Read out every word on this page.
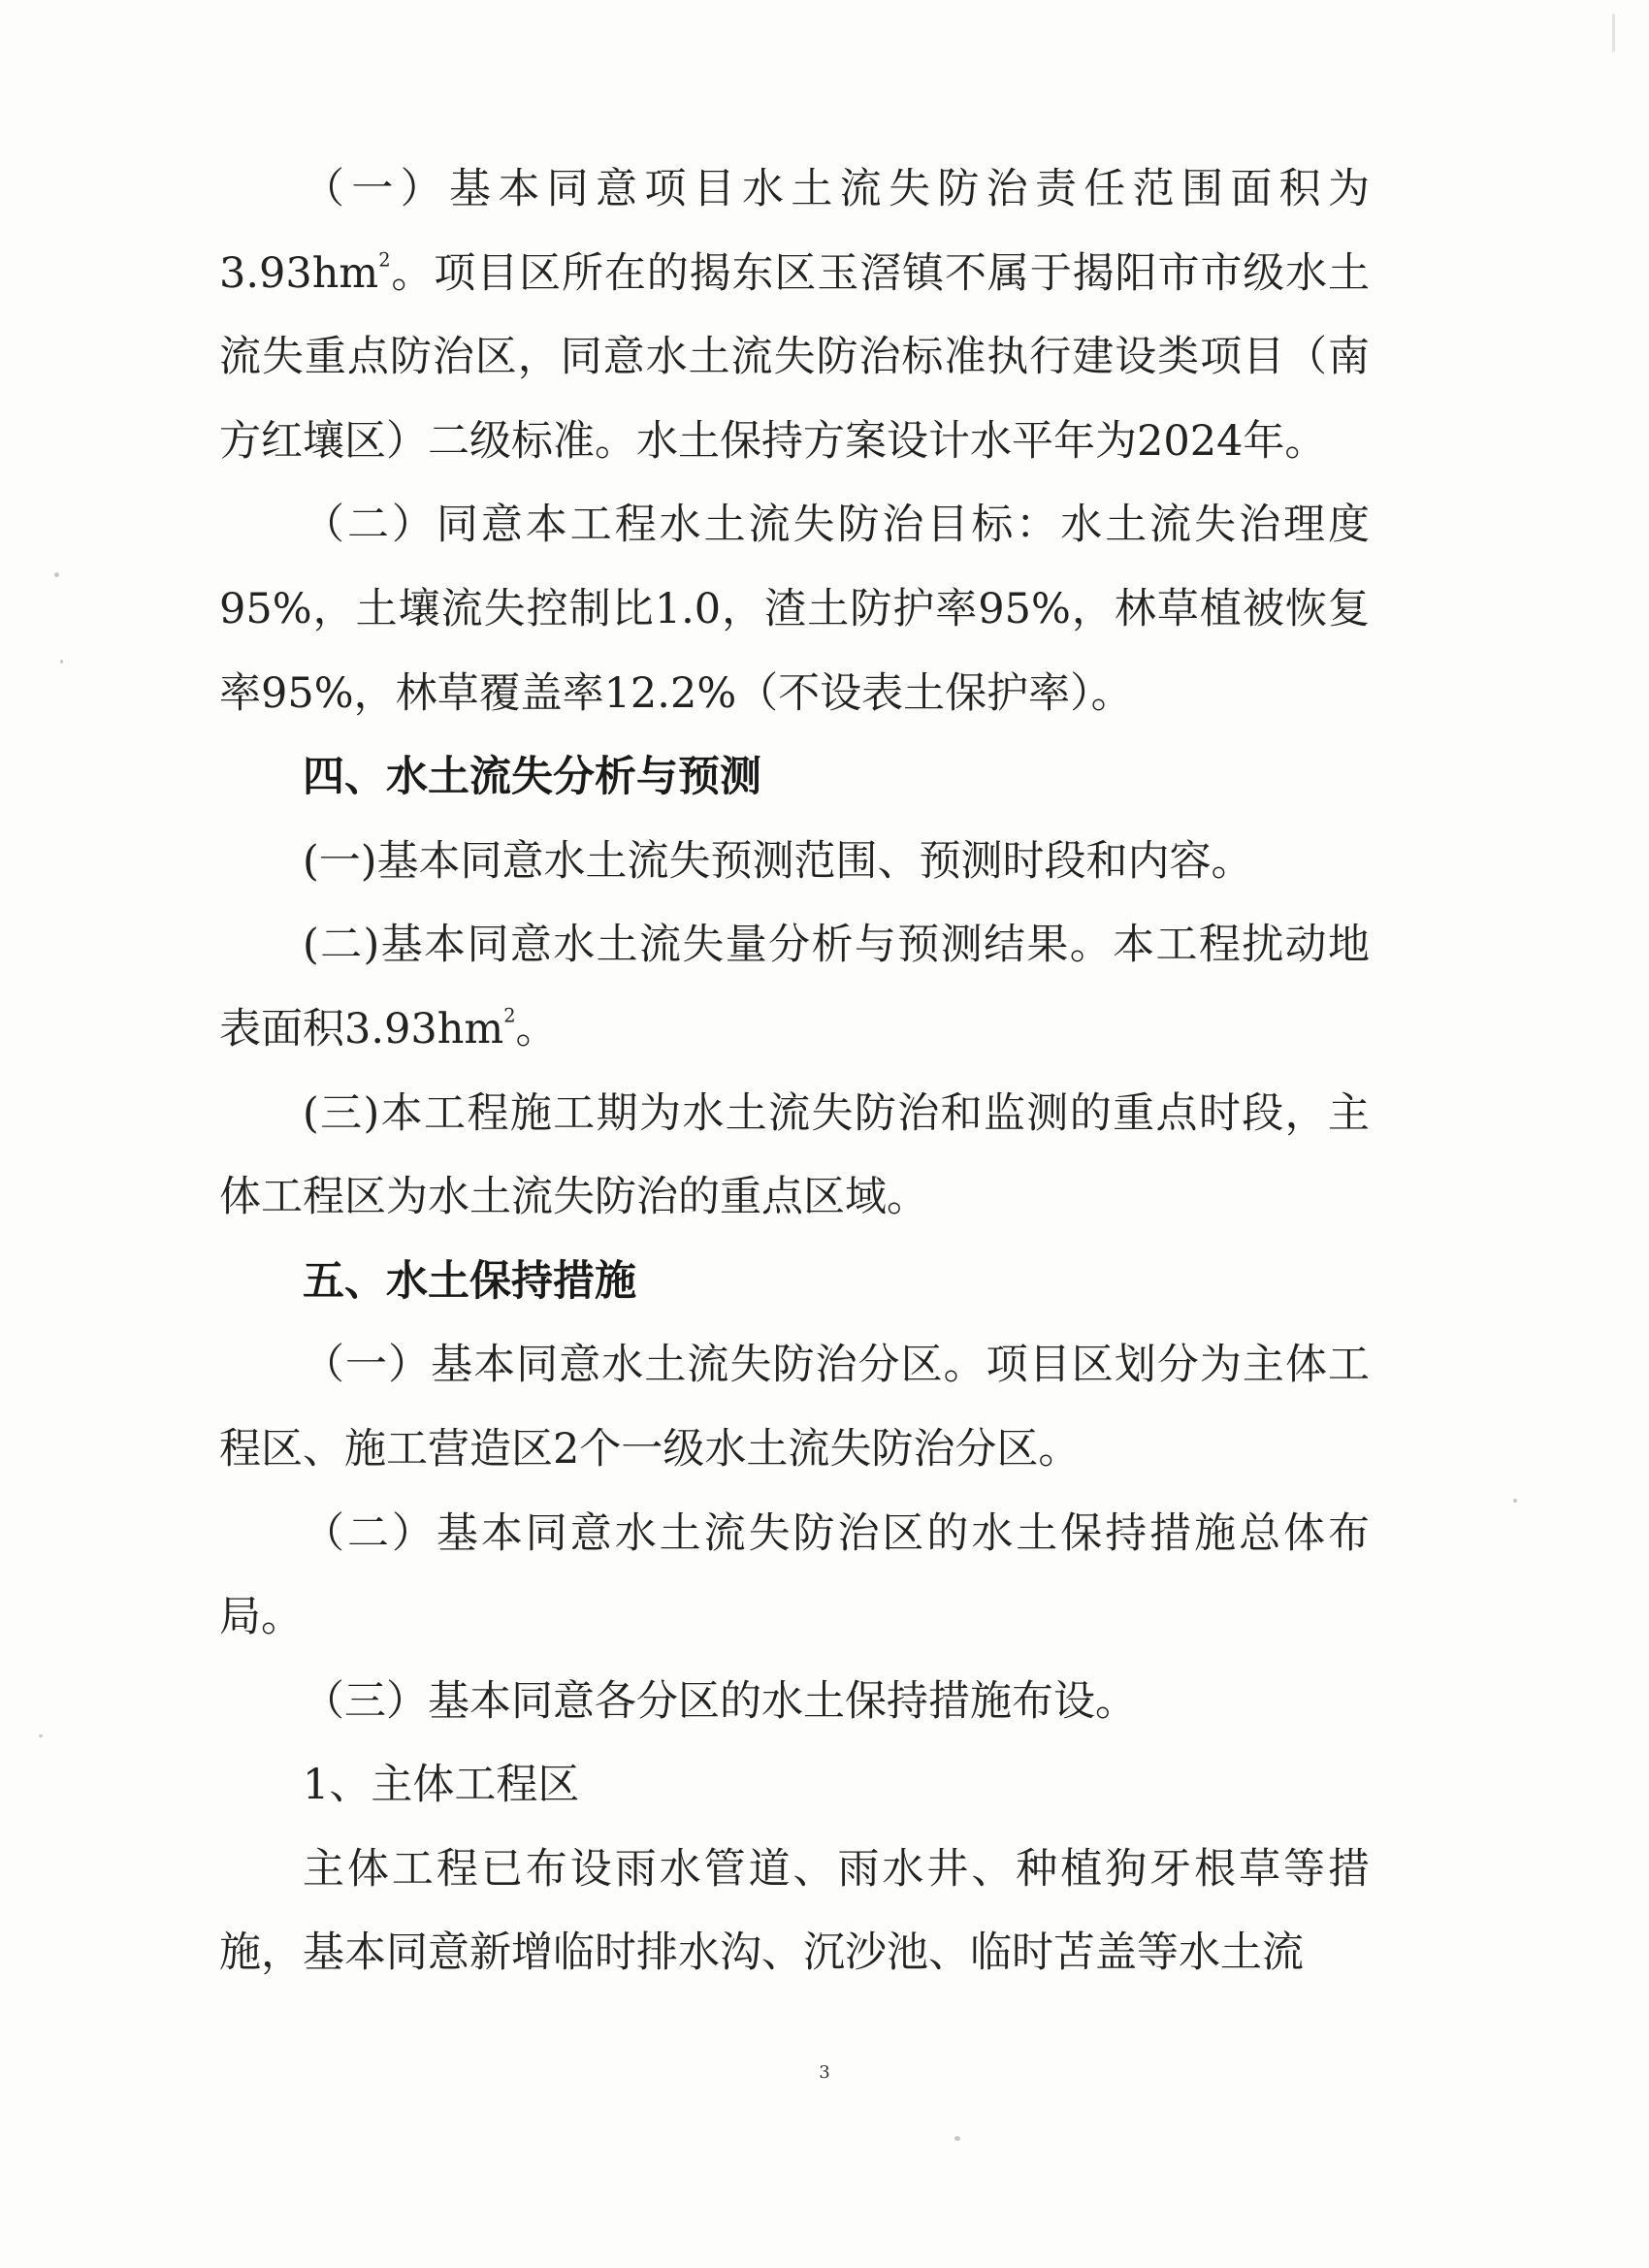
（一）基本同意项目水土流失防治责任范围面积为$3.93hm^2$。项目区所在的揭东区玉滘镇不属于揭阳市市级水土流失重点防治区，同意水土流失防治标准执行建设类项目（南方红壤区）二级标准。水土保持方案设计水平年为2024年。

（二）同意本工程水土流失防治目标：水土流失治理度95%，土壤流失控制比1.0，渣土防护率95%，林草植被恢复率95%，林草覆盖率12.2%（不设表土保护率）。

四、水土流失分析与预测

(一)基本同意水土流失预测范围、预测时段和内容。

(二)基本同意水土流失量分析与预测结果。本工程扰动地表面积$3.93hm^2$。

(三)本工程施工期为水土流失防治和监测的重点时段，主体工程区为水土流失防治的重点区域。

五、水土保持措施

（一）基本同意水土流失防治分区。项目区划分为主体工程区、施工营造区2个一级水土流失防治分区。

（二）基本同意水土流失防治区的水土保持措施总体布局。

（三）基本同意各分区的水土保持措施布设。

1、主体工程区

主体工程已布设雨水管道、雨水井、种植狗牙根草等措施，基本同意新增临时排水沟、沉沙池、临时苫盖等水土流

3
